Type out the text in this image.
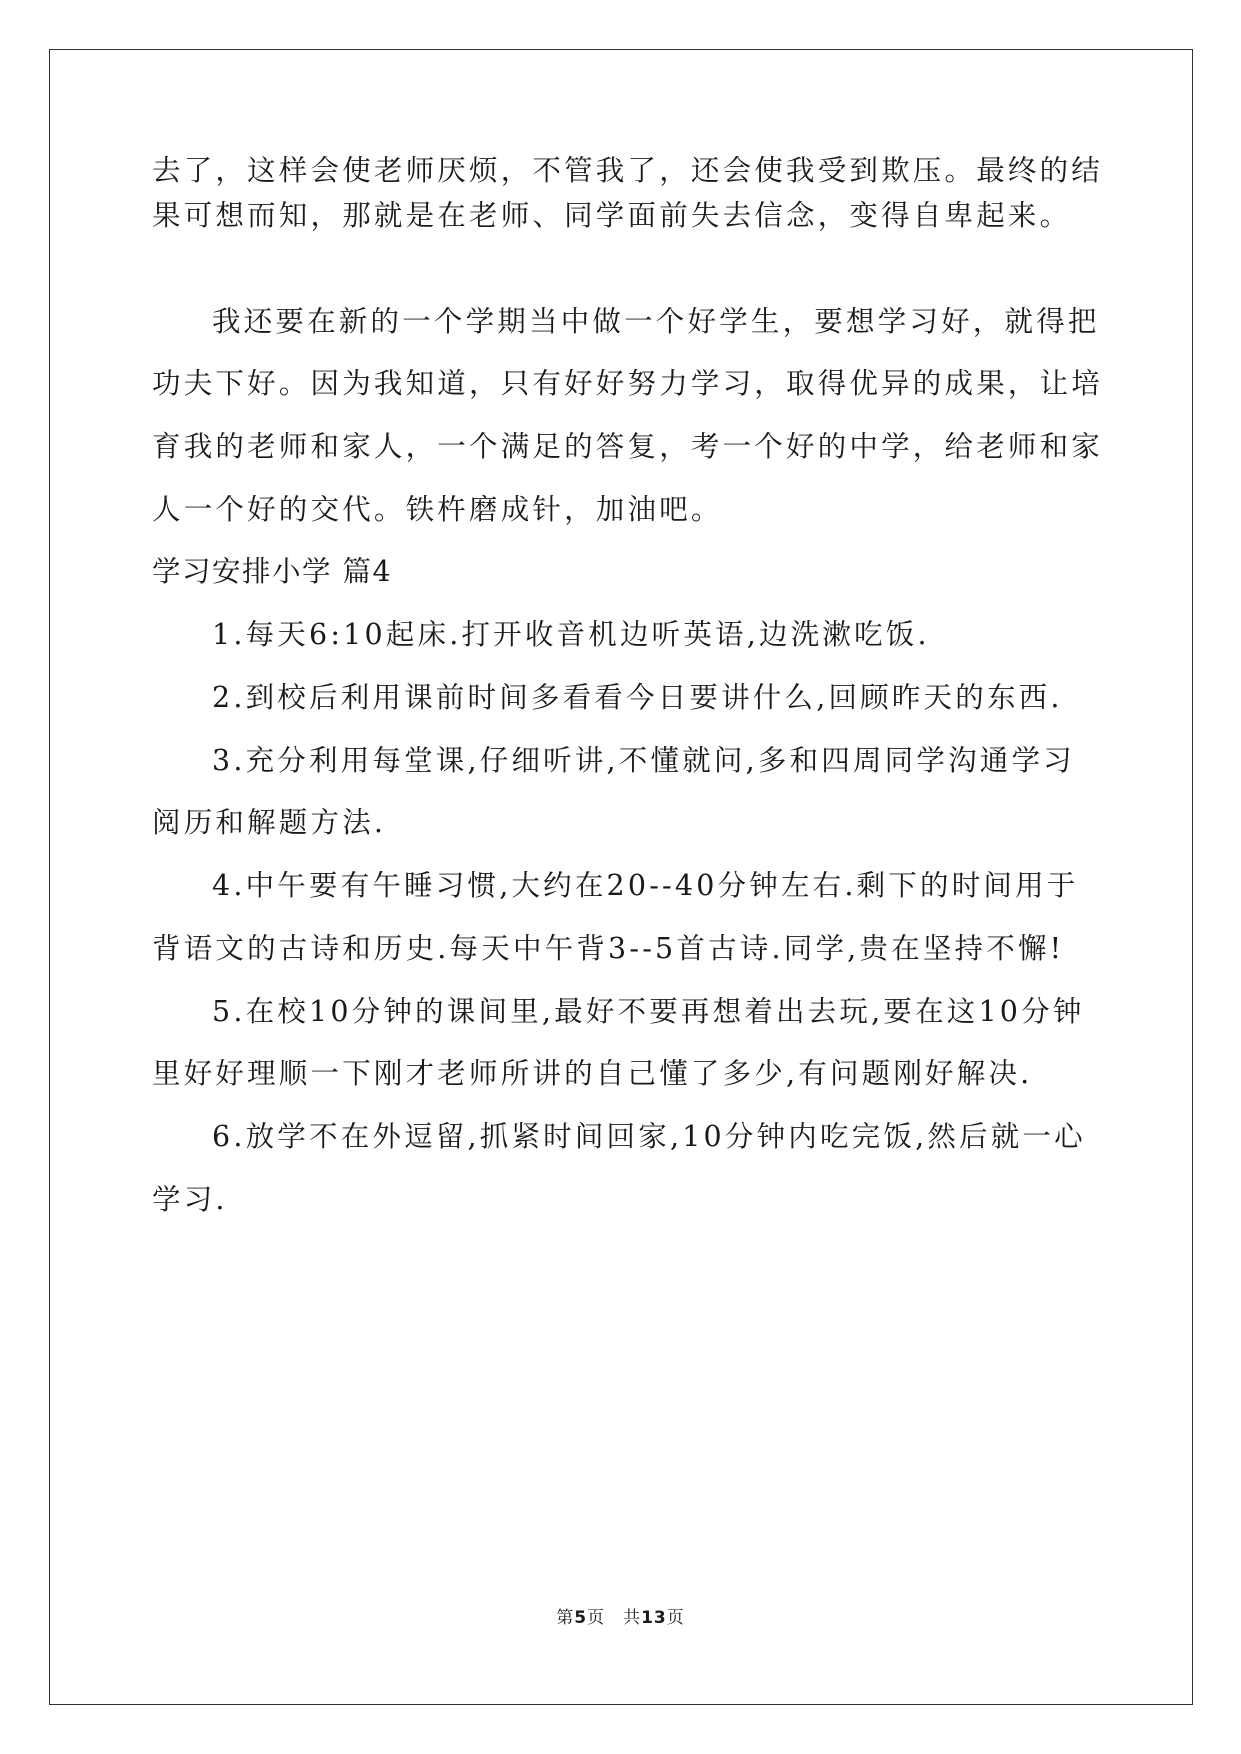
去了，这样会使老师厌烦，不管我了，还会使我受到欺压。最终的结
果可想而知，那就是在老师、同学面前失去信念，变得自卑起来。
我还要在新的一个学期当中做一个好学生，要想学习好，就得把
功夫下好。因为我知道，只有好好努力学习，取得优异的成果，让培
育我的老师和家人，一个满足的答复，考一个好的中学，给老师和家
人一个好的交代。铁杵磨成针，加油吧。
学习安排小学 篇4
1.每天6:10起床.打开收音机边听英语,边洗漱吃饭.
2.到校后利用课前时间多看看今日要讲什么,回顾昨天的东西.
3.充分利用每堂课,仔细听讲,不懂就问,多和四周同学沟通学习
阅历和解题方法.
4.中午要有午睡习惯,大约在20--40分钟左右.剩下的时间用于
背语文的古诗和历史.每天中午背3--5首古诗.同学,贵在坚持不懈!
5.在校10分钟的课间里,最好不要再想着出去玩,要在这10分钟
里好好理顺一下刚才老师所讲的自己懂了多少,有问题刚好解决.
6.放学不在外逗留,抓紧时间回家,10分钟内吃完饭,然后就一心
学习.
第5页　共13页
